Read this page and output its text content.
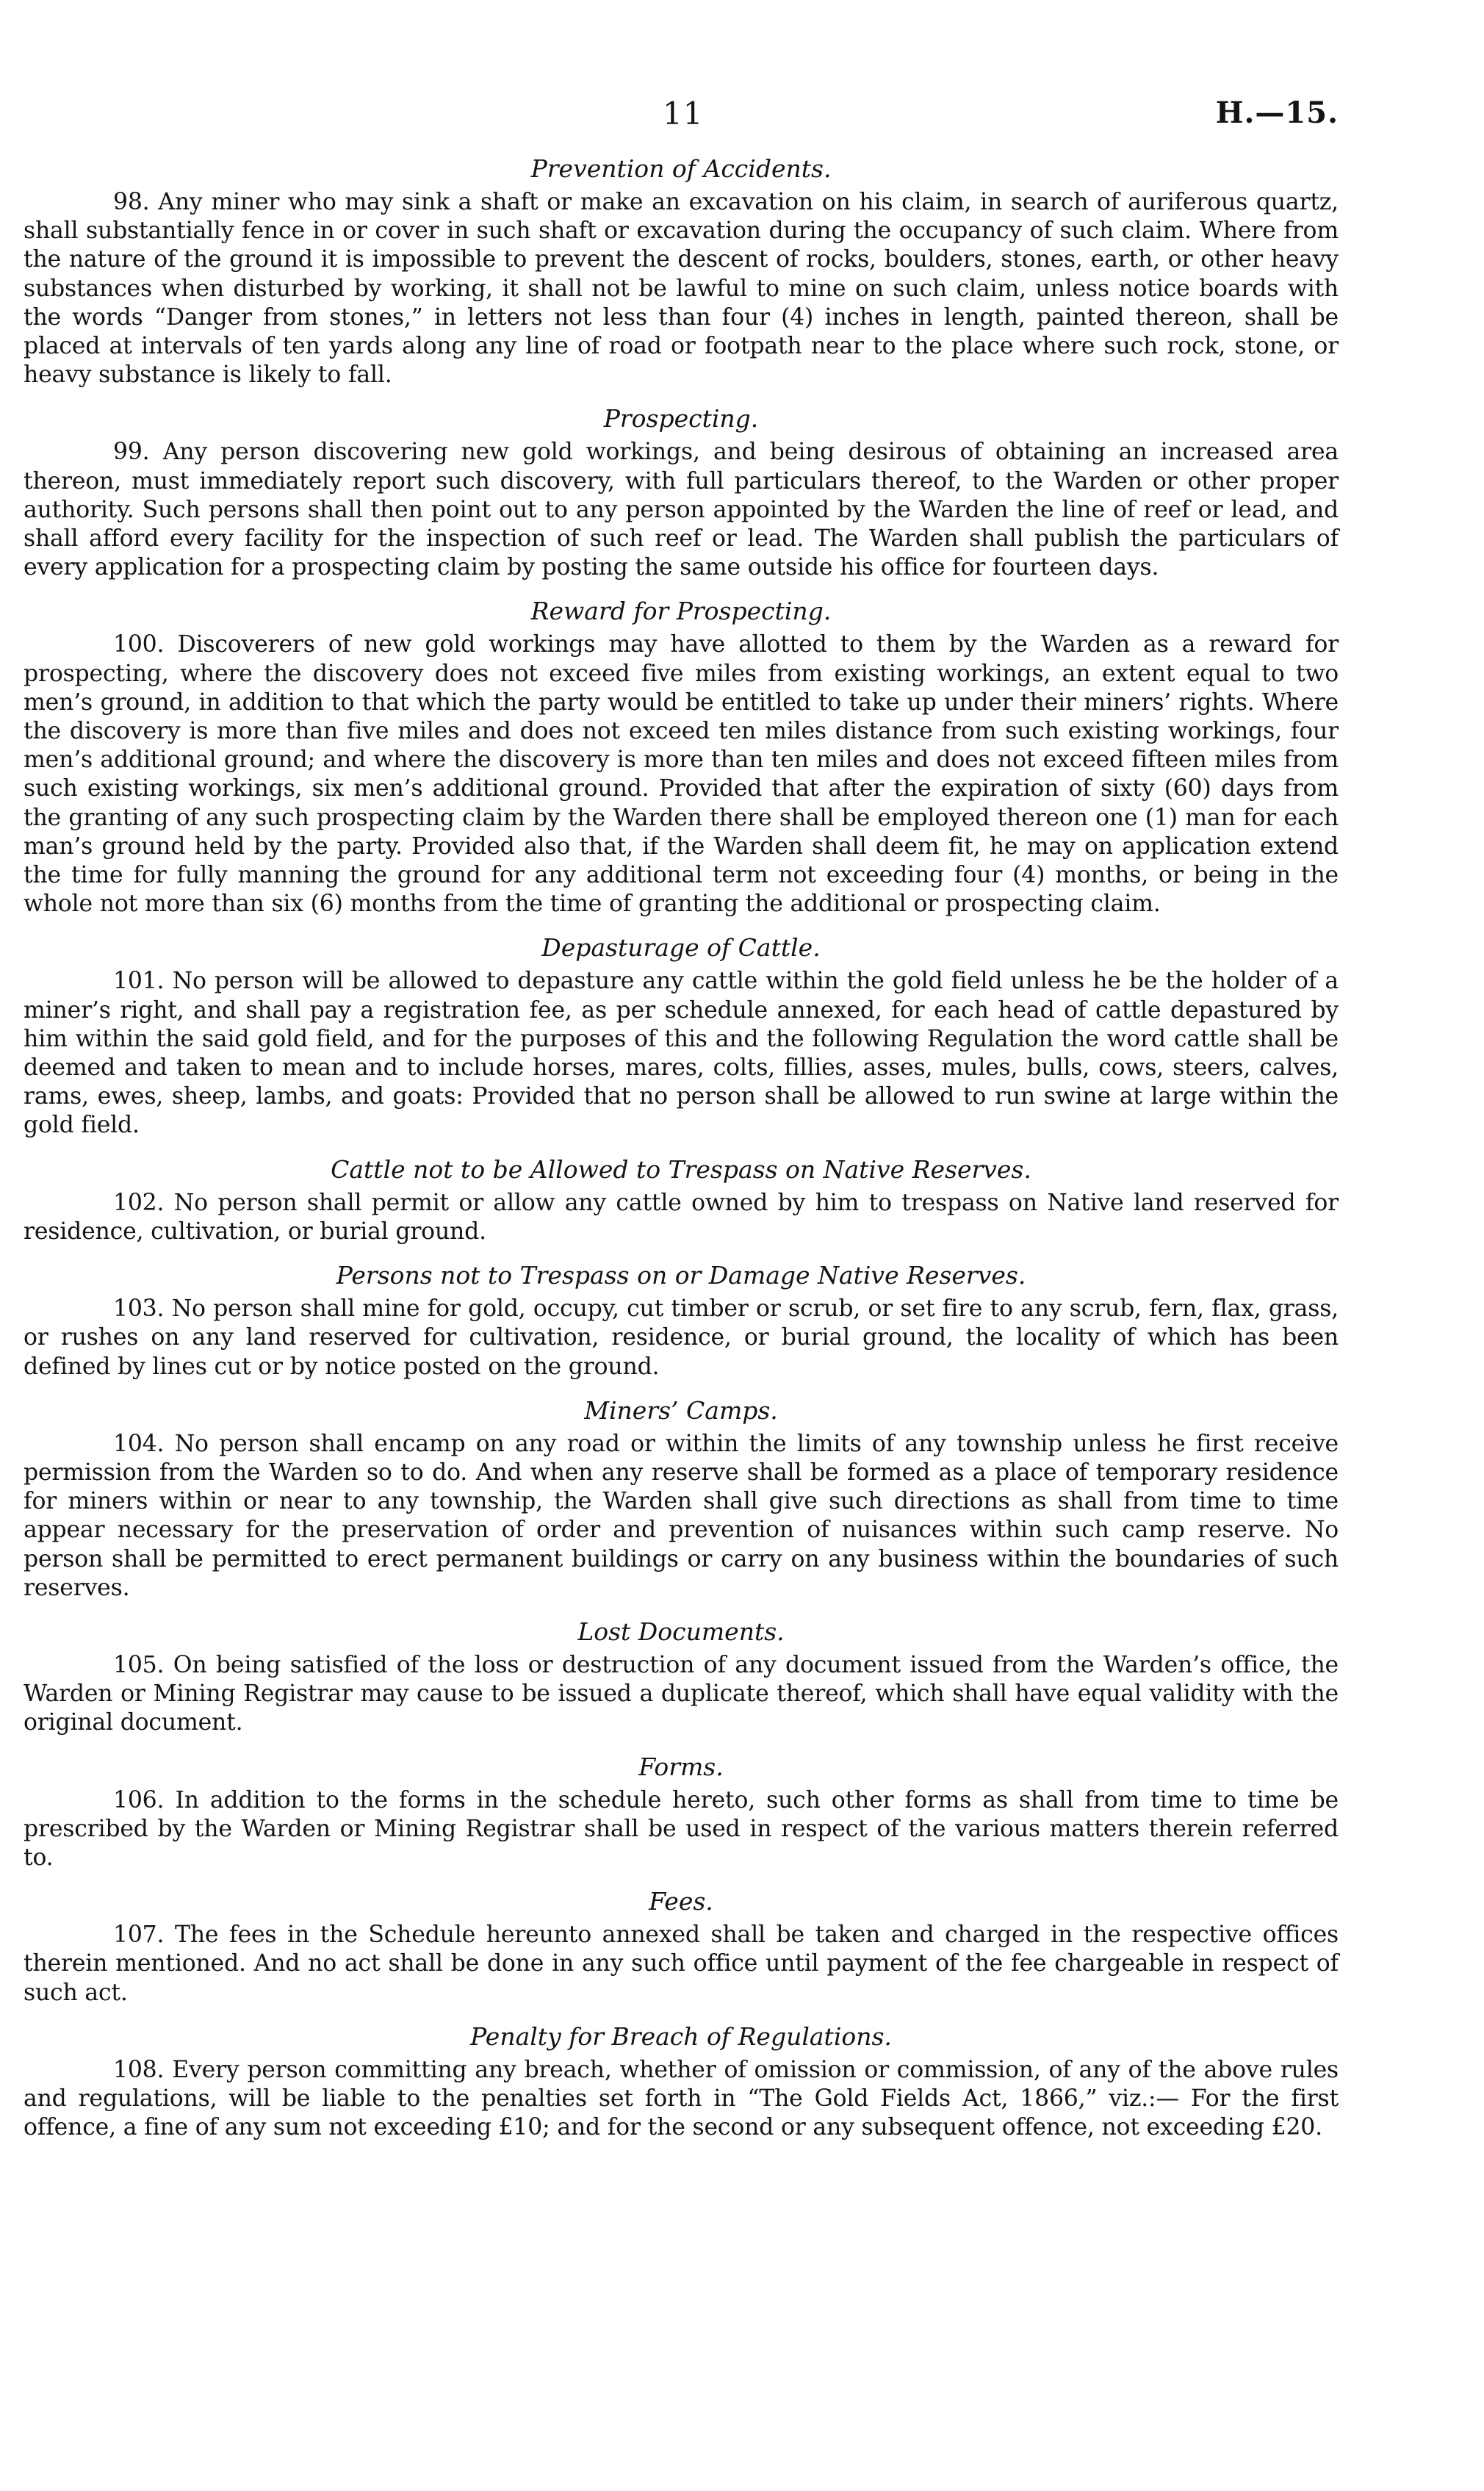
11	H.—15.
Prevention of Accidents.

98. Any miner who may sink a shaft or make an excavation on his claim, in search of auriferous quartz, shall substantially fence in or cover in such shaft or excavation during the occupancy of such claim. Where from the nature of the ground it is impossible to prevent the descent of rocks, boulders, stones, earth, or other heavy substances when disturbed by working, it shall not be lawful to mine on such claim, unless notice boards with the words “Danger from stones,” in letters not less than four (4) inches in length, painted thereon, shall be placed at intervals of ten yards along any line of road or footpath near to the place where such rock, stone, or heavy substance is likely to fall.

Prospecting.

99. Any person discovering new gold workings, and being desirous of obtaining an increased area thereon, must immediately report such discovery, with full particulars thereof, to the Warden or other proper authority. Such persons shall then point out to any person appointed by the Warden the line of reef or lead, and shall afford every facility for the inspection of such reef or lead. The Warden shall publish the particulars of every application for a prospecting claim by posting the same outside his office for fourteen days.

Reward for Prospecting.

100. Discoverers of new gold workings may have allotted to them by the Warden as a reward for prospecting, where the discovery does not exceed five miles from existing workings, an extent equal to two men’s ground, in addition to that which the party would be entitled to take up under their miners’ rights. Where the discovery is more than five miles and does not exceed ten miles distance from such existing workings, four men’s additional ground; and where the discovery is more than ten miles and does not exceed fifteen miles from such existing workings, six men’s additional ground. Provided that after the expiration of sixty (60) days from the granting of any such prospecting claim by the Warden there shall be employed thereon one (1) man for each man’s ground held by the party. Provided also that, if the Warden shall deem fit, he may on application extend the time for fully manning the ground for any additional term not exceeding four (4) months, or being in the whole not more than six (6) months from the time of granting the additional or prospecting claim.

Depasturage of Cattle.

101. No person will be allowed to depasture any cattle within the gold field unless he be the holder of a miner’s right, and shall pay a registration fee, as per schedule annexed, for each head of cattle depastured by him within the said gold field, and for the purposes of this and the following Regulation the word cattle shall be deemed and taken to mean and to include horses, mares, colts, fillies, asses, mules, bulls, cows, steers, calves, rams, ewes, sheep, lambs, and goats: Provided that no person shall be allowed to run swine at large within the gold field.

Cattle not to be Allowed to Trespass on Native Reserves.

102. No person shall permit or allow any cattle owned by him to trespass on Native land reserved for residence, cultivation, or burial ground.

Persons not to Trespass on or Damage Native Reserves.

103. No person shall mine for gold, occupy, cut timber or scrub, or set fire to any scrub, fern, flax, grass, or rushes on any land reserved for cultivation, residence, or burial ground, the locality of which has been defined by lines cut or by notice posted on the ground.

Miners’ Camps.

104. No person shall encamp on any road or within the limits of any township unless he first receive permission from the Warden so to do. And when any reserve shall be formed as a place of temporary residence for miners within or near to any township, the Warden shall give such directions as shall from time to time appear necessary for the preservation of order and prevention of nuisances within such camp reserve. No person shall be permitted to erect permanent buildings or carry on any business within the boundaries of such reserves.

Lost Documents.

105. On being satisfied of the loss or destruction of any document issued from the Warden’s office, the Warden or Mining Registrar may cause to be issued a duplicate thereof, which shall have equal validity with the original document.

Forms.

106. In addition to the forms in the schedule hereto, such other forms as shall from time to time be prescribed by the Warden or Mining Registrar shall be used in respect of the various matters therein referred to.

Fees.

107. The fees in the Schedule hereunto annexed shall be taken and charged in the respective offices therein mentioned. And no act shall be done in any such office until payment of the fee chargeable in respect of such act.

Penalty for Breach of Regulations.

108. Every person committing any breach, whether of omission or commission, of any of the above rules and regulations, will be liable to the penalties set forth in “The Gold Fields Act, 1866,” viz.:— For the first offence, a fine of any sum not exceeding £10; and for the second or any subsequent offence, not exceeding £20.
